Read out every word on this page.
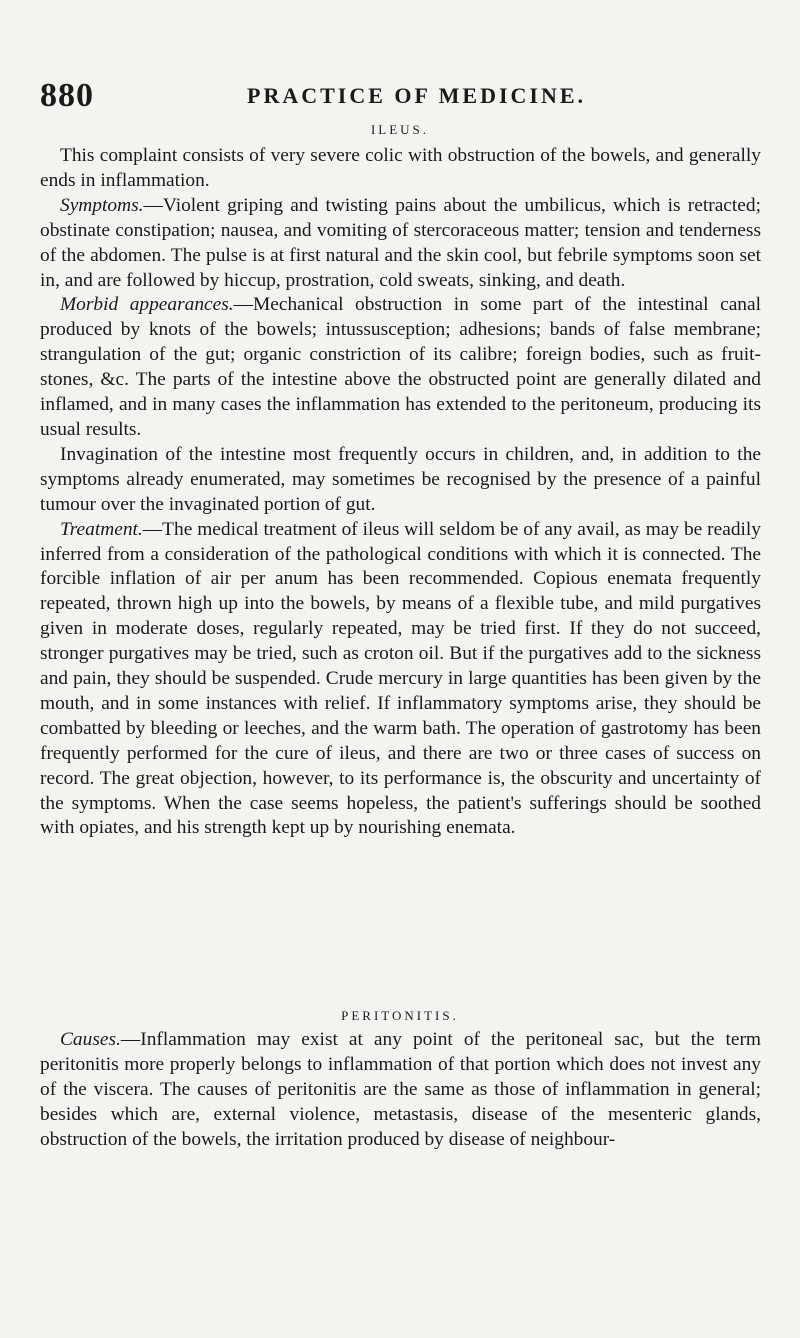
880	PRACTICE OF MEDICINE.
ILEUS.

This complaint consists of very severe colic with obstruction of the bowels, and generally ends in inflammation.

Symptoms.—Violent griping and twisting pains about the umbilicus, which is retracted; obstinate constipation; nausea, and vomiting of stercoraceous matter; tension and tenderness of the abdomen. The pulse is at first natural and the skin cool, but febrile symptoms soon set in, and are followed by hiccup, prostration, cold sweats, sinking, and death.

Morbid appearances.—Mechanical obstruction in some part of the intestinal canal produced by knots of the bowels; intussusception; adhesions; bands of false membrane; strangulation of the gut; organic constriction of its calibre; foreign bodies, such as fruit-stones, &c. The parts of the intestine above the obstructed point are generally dilated and inflamed, and in many cases the inflammation has extended to the peritoneum, producing its usual results.

Invagination of the intestine most frequently occurs in children, and, in addition to the symptoms already enumerated, may sometimes be recognised by the presence of a painful tumour over the invaginated portion of gut.

Treatment.—The medical treatment of ileus will seldom be of any avail, as may be readily inferred from a consideration of the pathological conditions with which it is connected. The forcible inflation of air per anum has been recommended. Copious enemata frequently repeated, thrown high up into the bowels, by means of a flexible tube, and mild purgatives given in moderate doses, regularly repeated, may be tried first. If they do not succeed, stronger purgatives may be tried, such as croton oil. But if the purgatives add to the sickness and pain, they should be suspended. Crude mercury in large quantities has been given by the mouth, and in some instances with relief. If inflammatory symptoms arise, they should be combatted by bleeding or leeches, and the warm bath. The operation of gastrotomy has been frequently performed for the cure of ileus, and there are two or three cases of success on record. The great objection, however, to its performance is, the obscurity and uncertainty of the symptoms. When the case seems hopeless, the patient's sufferings should be soothed with opiates, and his strength kept up by nourishing enemata.

PERITONITIS.

Causes.—Inflammation may exist at any point of the peritoneal sac, but the term peritonitis more properly belongs to inflammation of that portion which does not invest any of the viscera. The causes of peritonitis are the same as those of inflammation in general; besides which are, external violence, metastasis, disease of the mesenteric glands, obstruction of the bowels, the irritation produced by disease of neighbour-
